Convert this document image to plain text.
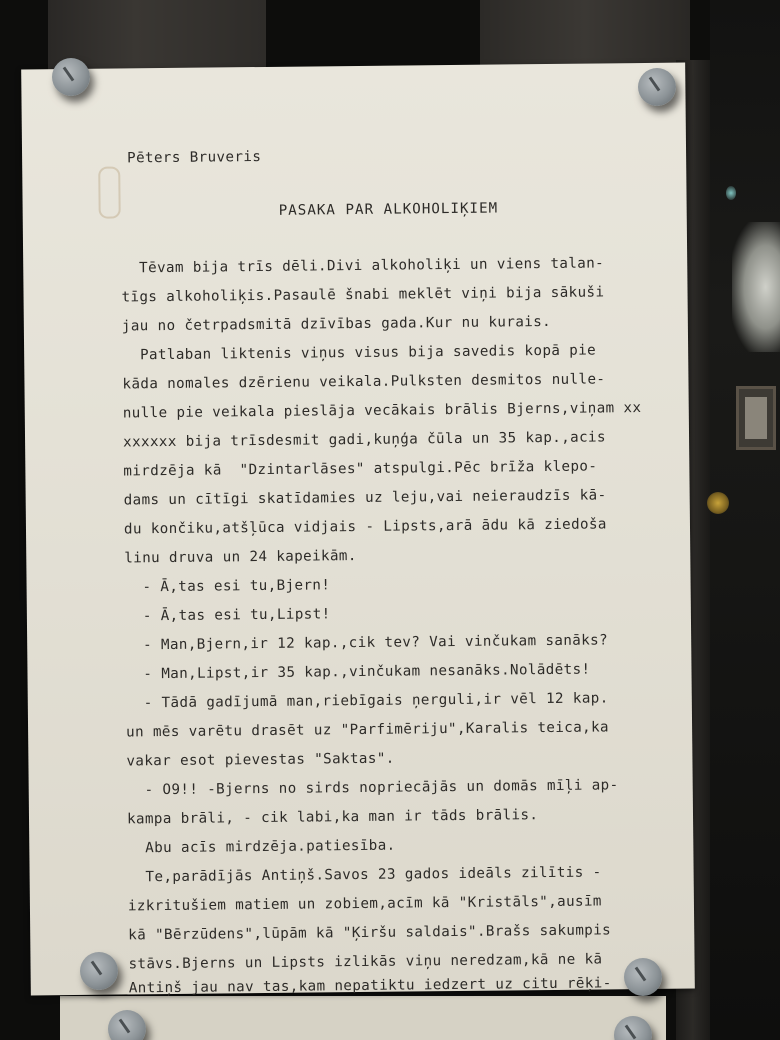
Pēters Bruveris
PASAKA PAR ALKOHOLIĶIEM
Tēvam bija trīs dēli.Divi alkoholiķi un viens talan-
tīgs alkoholiķis.Pasaulē šnabi meklēt viņi bija sākuši
jau no četrpadsmitā dzīvības gada.Kur nu kurais.
Patlaban liktenis viņus visus bija savedis kopā pie
kāda nomales dzērienu veikala.Pulksten desmitos nulle-
nulle pie veikala pieslāja vecākais brālis Bjerns,viņam xx
xxxxxx bija trīsdesmit gadi,kuņģa čūla un 35 kap.,acis
mirdzēja kā  "Dzintarlāses" atspulgi.Pēc brīža klepo-
dams un cītīgi skatīdamies uz leju,vai neieraudzīs kā-
du končiku,atšļūca vidjais - Lipsts,arā ādu kā ziedoša
linu druva un 24 kapeikām.
- Ā,tas esi tu,Bjern!
- Ā,tas esi tu,Lipst!
- Man,Bjern,ir 12 kap.,cik tev? Vai vinčukam sanāks?
- Man,Lipst,ir 35 kap.,vinčukam nesanāks.Nolādēts!
- Tādā gadījumā man,riebīgais ņerguli,ir vēl 12 kap.
un mēs varētu drasēt uz "Parfimēriju",Karalis teica,ka
vakar esot pievestas "Saktas".
- O9!! -Bjerns no sirds nopriecājās un domās mīļi ap-
kampa brāli, - cik labi,ka man ir tāds brālis.
Abu acīs mirdzēja.patiesība.
Te,parādījās Antiņš.Savos 23 gados ideāls zilītis -
izkritušiem matiem un zobiem,acīm kā "Kristāls",ausīm
kā "Bērzūdens",lūpām kā "Ķiršu saldais".Brašs sakumpis
stāvs.Bjerns un Lipsts izlikās viņu neredzam,kā ne kā
Antiņš jau nav tas,kam nepatiktu iedzert uz citu rēķi-
